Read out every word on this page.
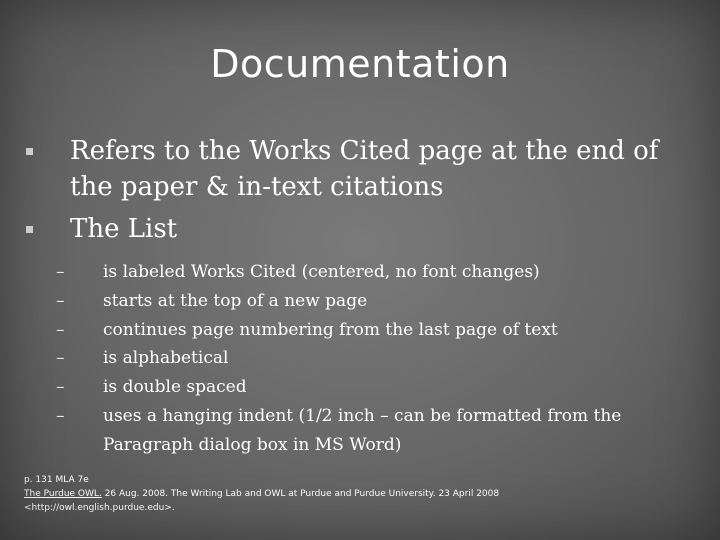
Documentation
Refers to the Works Cited page at the end of the paper & in-text citations
The List
– is labeled Works Cited (centered, no font changes)
– starts at the top of a new page
– continues page numbering from the last page of text
– is alphabetical
– is double spaced
– uses a hanging indent (1/2 inch – can be formatted from the Paragraph dialog box in MS Word)
p. 131 MLA 7e
The Purdue OWL. 26 Aug. 2008. The Writing Lab and OWL at Purdue and Purdue University. 23 April 2008
<http://owl.english.purdue.edu>.
